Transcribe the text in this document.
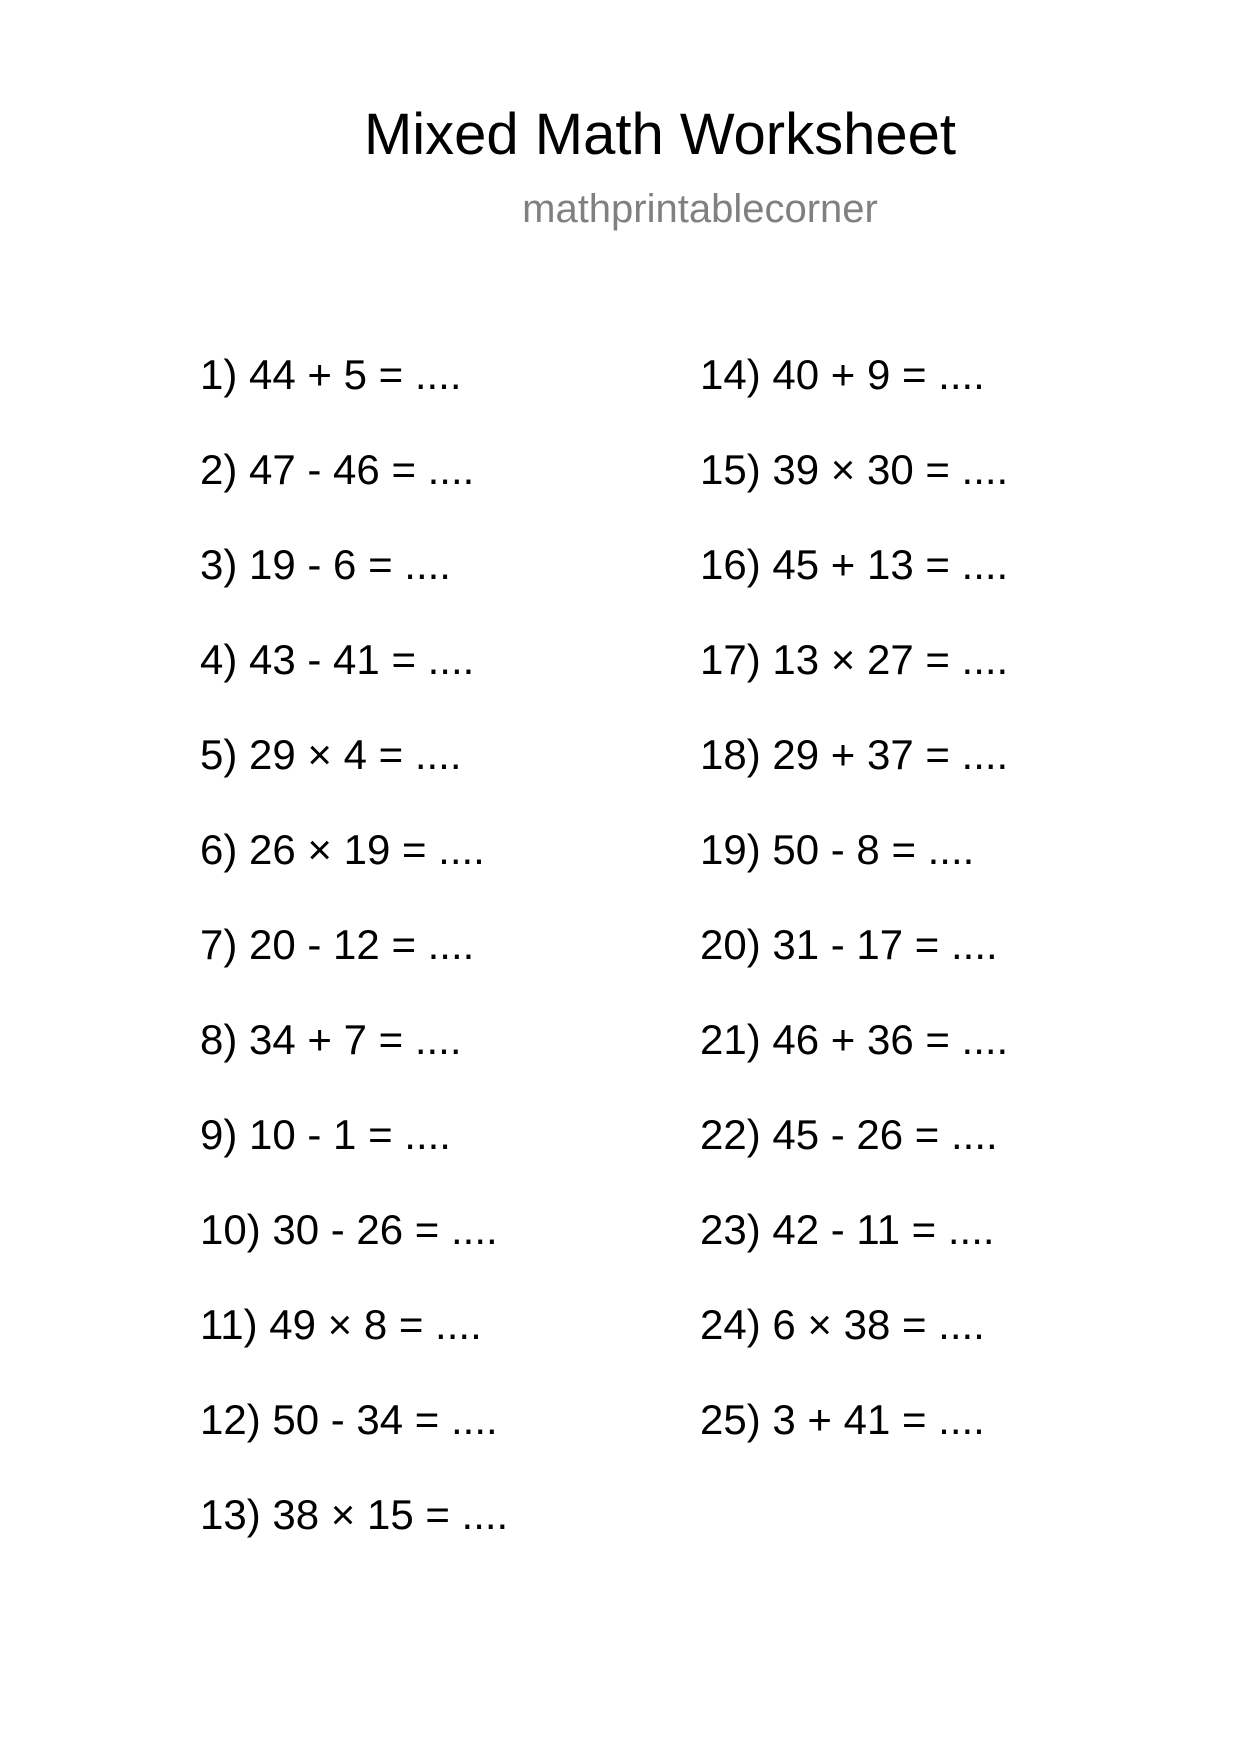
Mixed Math Worksheet
mathprintablecorner
1) 44 + 5 = ....
2) 47 - 46 = ....
3) 19 - 6 = ....
4) 43 - 41 = ....
5) 29 × 4 = ....
6) 26 × 19 = ....
7) 20 - 12 = ....
8) 34 + 7 = ....
9) 10 - 1 = ....
10) 30 - 26 = ....
11) 49 × 8 = ....
12) 50 - 34 = ....
13) 38 × 15 = ....
14) 40 + 9 = ....
15) 39 × 30 = ....
16) 45 + 13 = ....
17) 13 × 27 = ....
18) 29 + 37 = ....
19) 50 - 8 = ....
20) 31 - 17 = ....
21) 46 + 36 = ....
22) 45 - 26 = ....
23) 42 - 11 = ....
24) 6 × 38 = ....
25) 3 + 41 = ....
